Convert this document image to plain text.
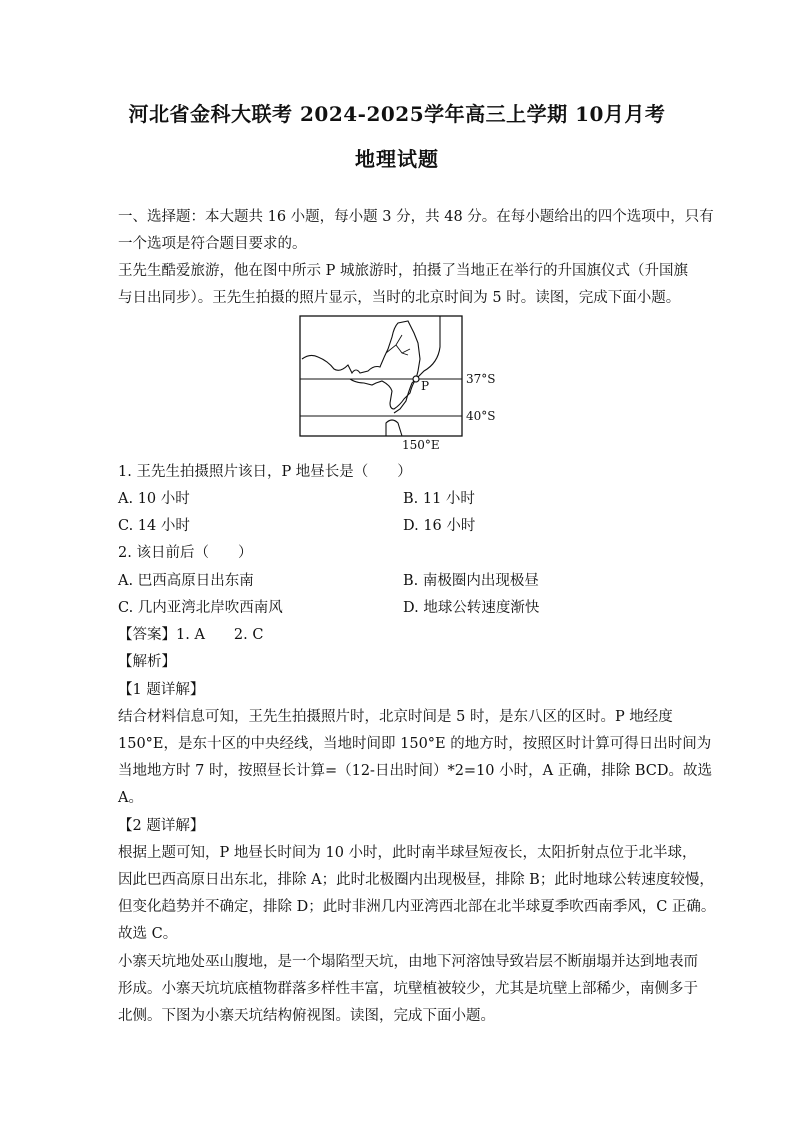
河北省金科大联考 2024-2025学年高三上学期 10月月考
地理试题
一、选择题：本大题共 16 小题，每小题 3 分，共 48 分。在每小题给出的四个选项中，只有
一个选项是符合题目要求的。
王先生酷爱旅游，他在图中所示 P 城旅游时，拍摄了当地正在举行的升国旗仪式（升国旗
与日出同步）。王先生拍摄的照片显示，当时的北京时间为 5 时。读图，完成下面小题。
P	37°S
40°S
150°E
1. 王先生拍摄照片该日，P 地昼长是（　　）
A. 10 小时	B. 11 小时
C. 14 小时	D. 16 小时
2. 该日前后（　　）
A. 巴西高原日出东南	B. 南极圈内出现极昼
C. 几内亚湾北岸吹西南风	D. 地球公转速度渐快
【答案】1. A　　2. C
【解析】
【1 题详解】
结合材料信息可知，王先生拍摄照片时，北京时间是 5 时，是东八区的区时。P 地经度
150°E，是东十区的中央经线，当地时间即 150°E 的地方时，按照区时计算可得日出时间为
当地地方时 7 时，按照昼长计算=（12-日出时间）*2=10 小时，A 正确，排除 BCD。故选
A。
【2 题详解】
根据上题可知，P 地昼长时间为 10 小时，此时南半球昼短夜长，太阳折射点位于北半球，
因此巴西高原日出东北，排除 A；此时北极圈内出现极昼，排除 B；此时地球公转速度较慢，
但变化趋势并不确定，排除 D；此时非洲几内亚湾西北部在北半球夏季吹西南季风，C 正确。
故选 C。
小寨天坑地处巫山腹地，是一个塌陷型天坑，由地下河溶蚀导致岩层不断崩塌并达到地表而
形成。小寨天坑坑底植物群落多样性丰富，坑壁植被较少，尤其是坑壁上部稀少，南侧多于
北侧。下图为小寨天坑结构俯视图。读图，完成下面小题。
